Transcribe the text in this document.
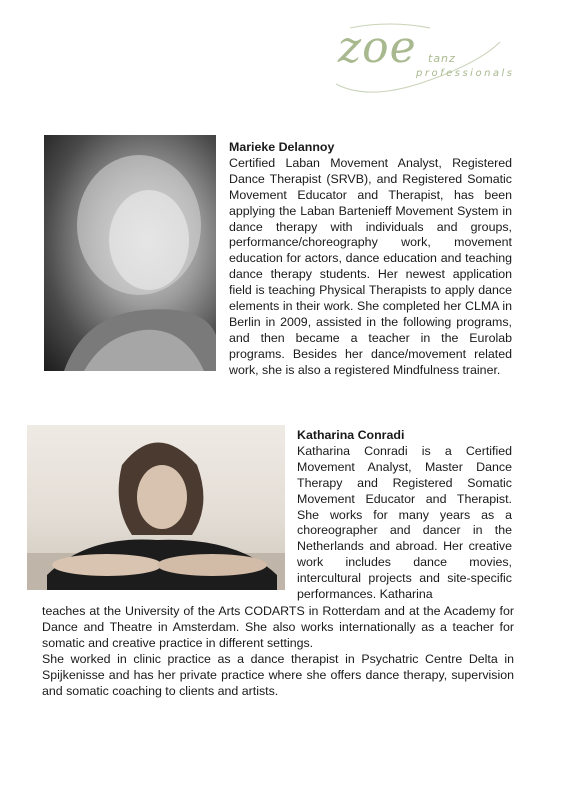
zoe tanz
professionals
Marieke Delannoy
Certified Laban Movement Analyst, Registered Dance Therapist (SRVB), and Registered Somatic Movement Educator and Therapist, has been applying the Laban Bartenieff Movement System in dance therapy with individuals and groups, performance/choreography work, movement education for actors, dance education and teaching dance therapy students. Her newest application field is teaching Physical Therapists to apply dance elements in their work. She completed her CLMA in Berlin in 2009, assisted in the following programs, and then became a teacher in the Eurolab programs. Besides her dance/movement related work, she is also a registered Mindfulness trainer.
Katharina Conradi
Katharina Conradi is a Certified Movement Analyst, Master Dance Therapy and Registered Somatic Movement Educator and Therapist. She works for many years as a choreographer and dancer in the Netherlands and abroad. Her creative work includes dance movies, intercultural projects and site-specific performances. Katharina
teaches at the University of the Arts CODARTS in Rotterdam and at the Academy for Dance and Theatre in Amsterdam. She also works internationally as a teacher for somatic and creative practice in different settings.
She worked in clinic practice as a dance therapist in Psychatric Centre Delta in Spijkenisse and has her private practice where she offers dance therapy, supervision and somatic coaching to clients and artists.
